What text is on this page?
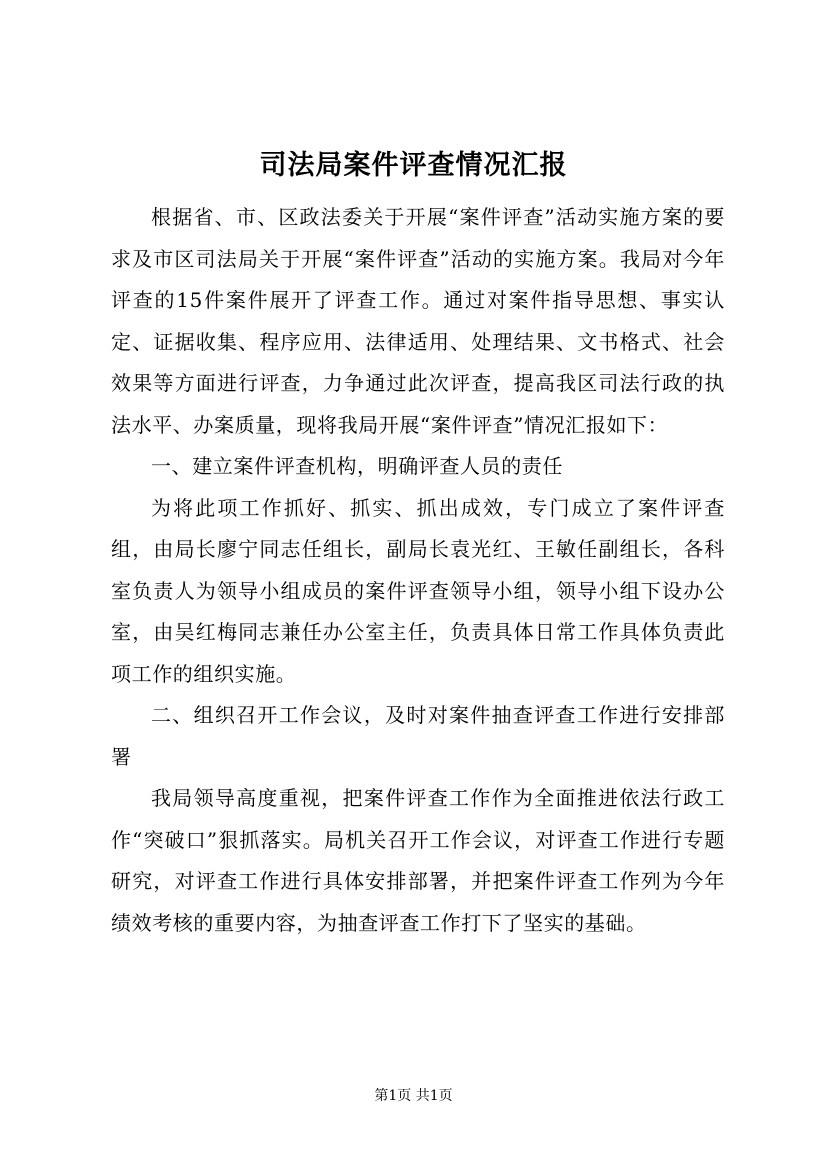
司法局案件评查情况汇报

根据省、市、区政法委关于开展“案件评查”活动实施方案的要求及市区司法局关于开展“案件评查”活动的实施方案。我局对今年评查的15件案件展开了评查工作。通过对案件指导思想、事实认定、证据收集、程序应用、法律适用、处理结果、文书格式、社会效果等方面进行评查，力争通过此次评查，提高我区司法行政的执法水平、办案质量，现将我局开展“案件评查”情况汇报如下：

一、建立案件评查机构，明确评查人员的责任

为将此项工作抓好、抓实、抓出成效，专门成立了案件评查组，由局长廖宁同志任组长，副局长袁光红、王敏任副组长，各科室负责人为领导小组成员的案件评查领导小组，领导小组下设办公室，由吴红梅同志兼任办公室主任，负责具体日常工作具体负责此项工作的组织实施。

二、组织召开工作会议，及时对案件抽查评查工作进行安排部署

我局领导高度重视，把案件评查工作作为全面推进依法行政工作“突破口”狠抓落实。局机关召开工作会议，对评查工作进行专题研究，对评查工作进行具体安排部署，并把案件评查工作列为今年绩效考核的重要内容，为抽查评查工作打下了坚实的基础。

第1页 共1页
